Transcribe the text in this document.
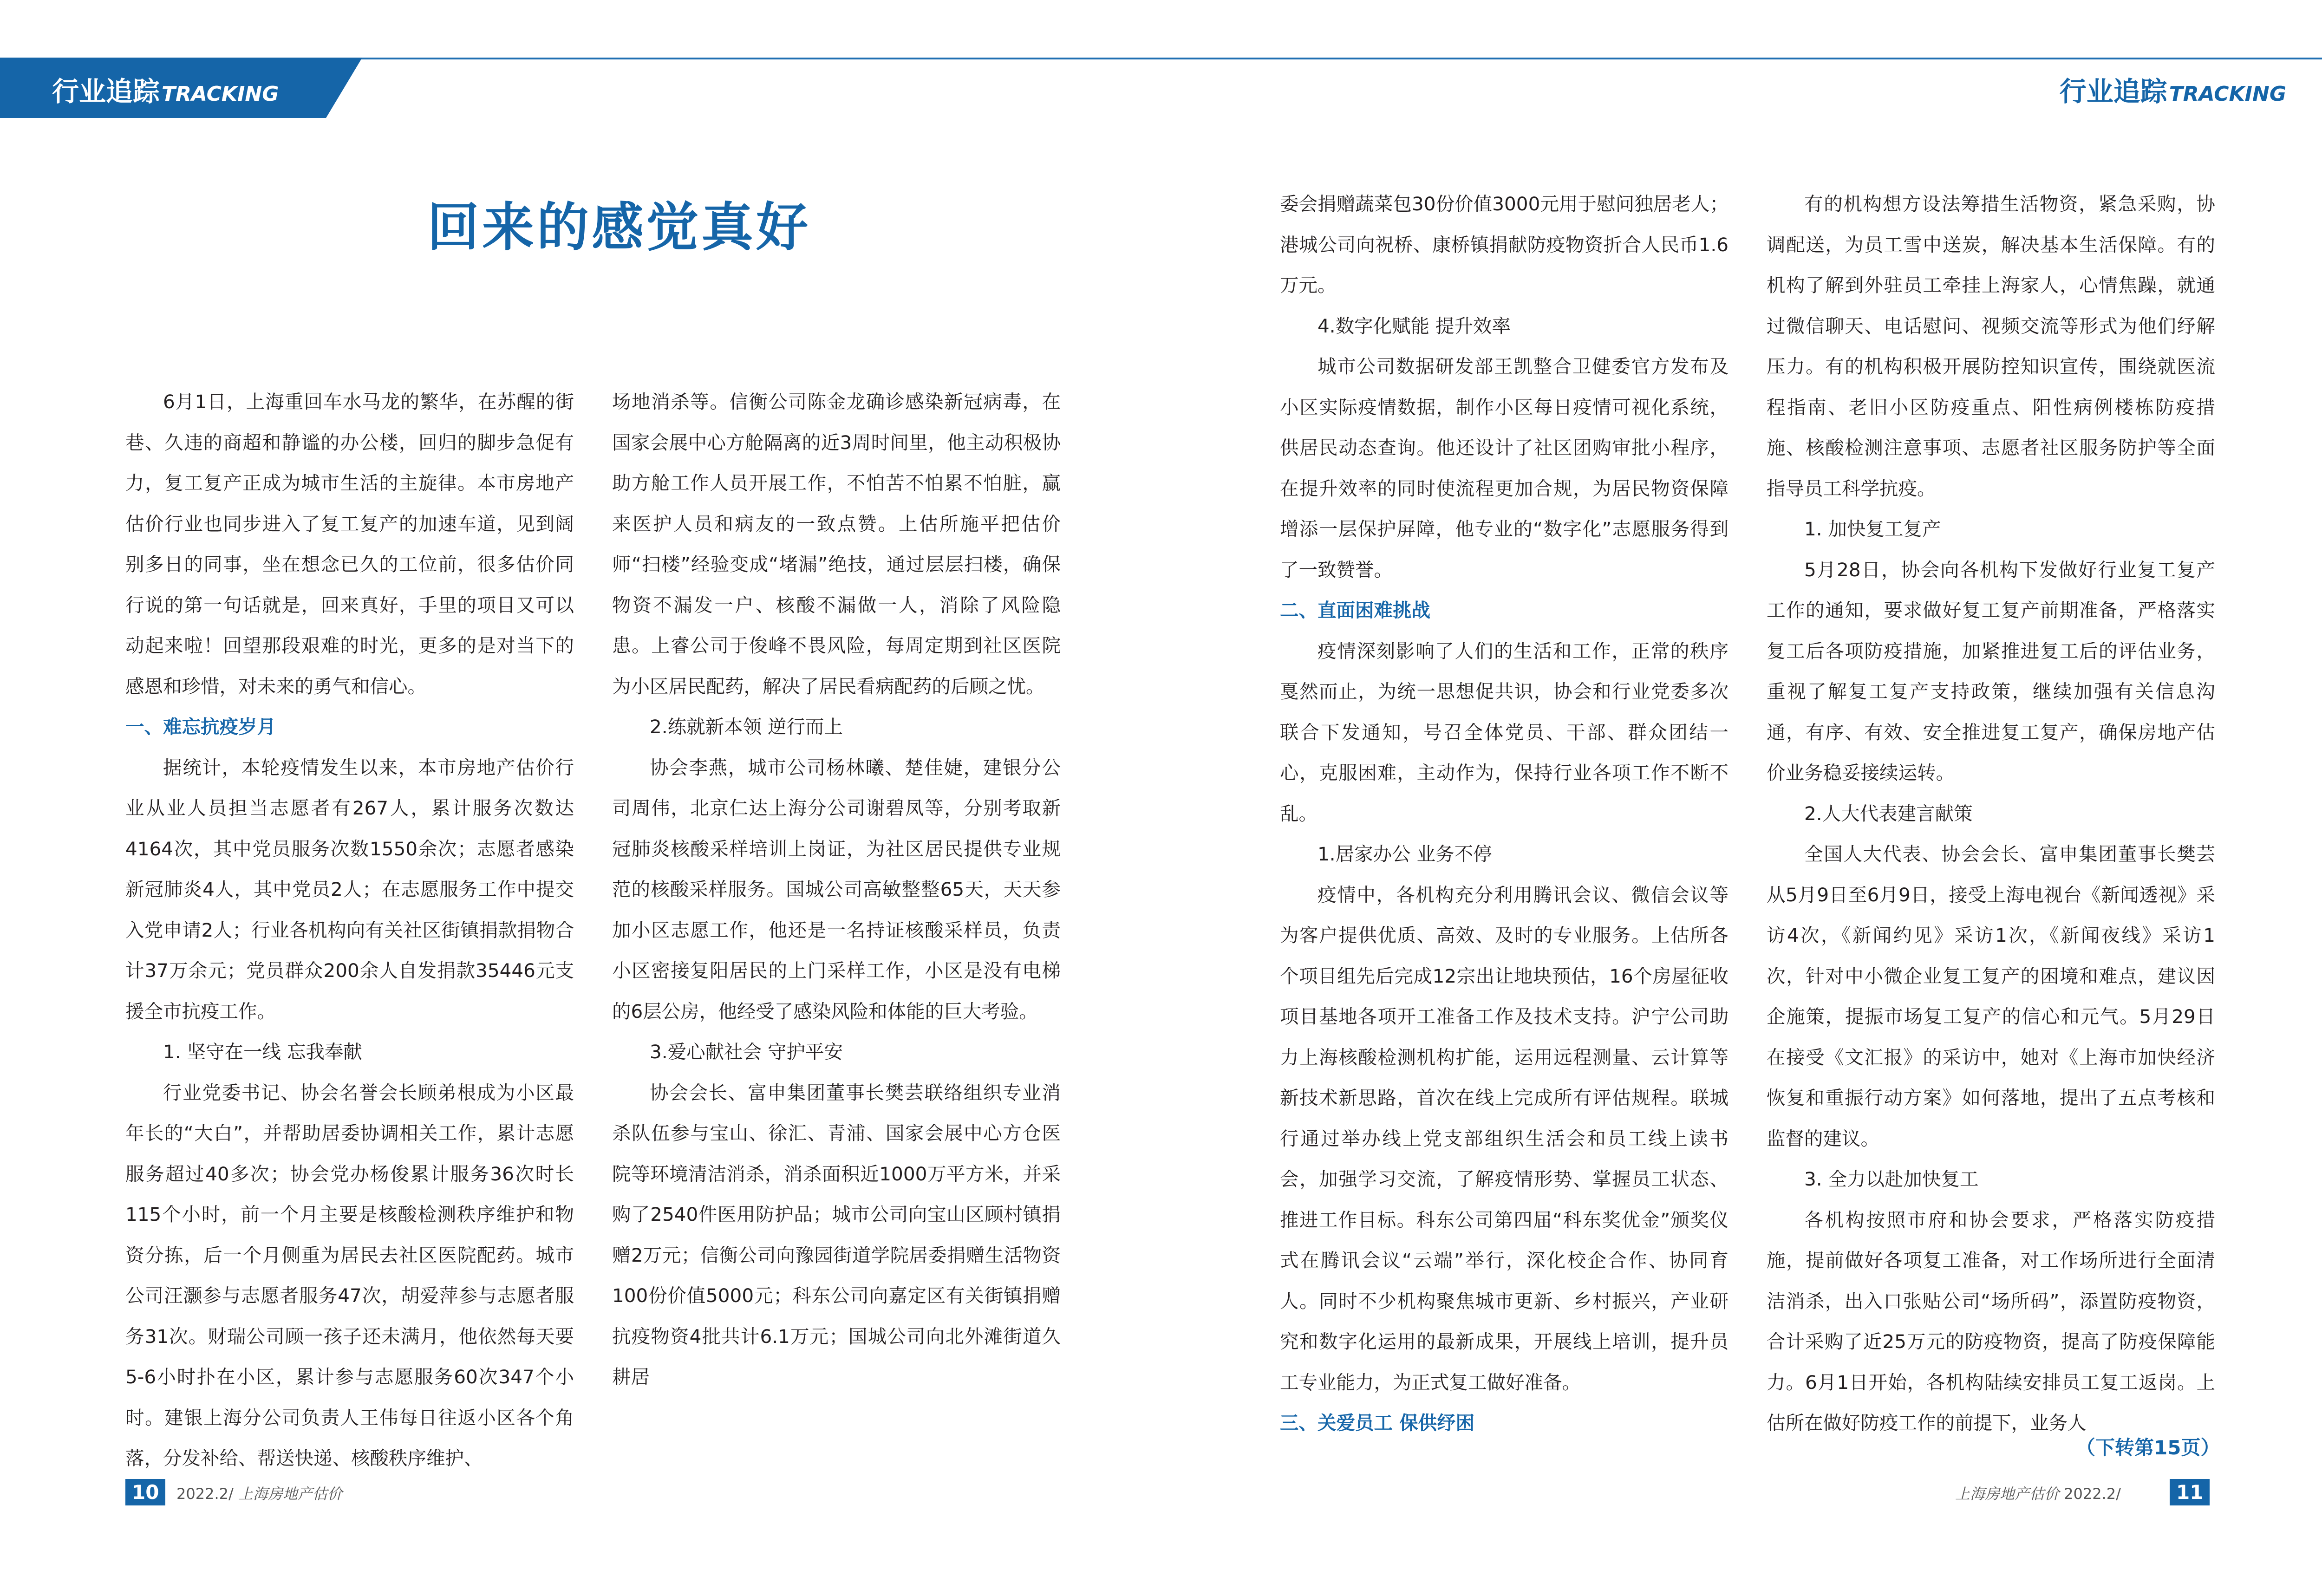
行业追踪TRACKING	行业追踪TRACKING
回来的感觉真好

6月1日，上海重回车水马龙的繁华，在苏醒的街巷、久违的商超和静谧的办公楼，回归的脚步急促有力，复工复产正成为城市生活的主旋律。本市房地产估价行业也同步进入了复工复产的加速车道，见到阔别多日的同事，坐在想念已久的工位前，很多估价同行说的第一句话就是，回来真好，手里的项目又可以动起来啦！回望那段艰难的时光，更多的是对当下的感恩和珍惜，对未来的勇气和信心。

一、难忘抗疫岁月

据统计，本轮疫情发生以来，本市房地产估价行业从业人员担当志愿者有267人，累计服务次数达4164次，其中党员服务次数1550余次；志愿者感染新冠肺炎4人，其中党员2人；在志愿服务工作中提交入党申请2人；行业各机构向有关社区街镇捐款捐物合计37万余元；党员群众200余人自发捐款35446元支援全市抗疫工作。

1. 坚守在一线 忘我奉献

行业党委书记、协会名誉会长顾弟根成为小区最年长的“大白”，并帮助居委协调相关工作，累计志愿服务超过40多次；协会党办杨俊累计服务36次时长115个小时，前一个月主要是核酸检测秩序维护和物资分拣，后一个月侧重为居民去社区医院配药。城市公司汪灏参与志愿者服务47次，胡爱萍参与志愿者服务31次。财瑞公司顾一孩子还未满月，他依然每天要5-6小时扑在小区，累计参与志愿服务60次347个小时。建银上海分公司负责人王伟每日往返小区各个角落，分发补给、帮送快递、核酸秩序维护、

场地消杀等。信衡公司陈金龙确诊感染新冠病毒，在国家会展中心方舱隔离的近3周时间里，他主动积极协助方舱工作人员开展工作，不怕苦不怕累不怕脏，赢来医护人员和病友的一致点赞。上估所施平把估价师“扫楼”经验变成“堵漏”绝技，通过层层扫楼，确保物资不漏发一户、核酸不漏做一人，消除了风险隐患。上睿公司于俊峰不畏风险，每周定期到社区医院为小区居民配药，解决了居民看病配药的后顾之忧。

2.练就新本领 逆行而上

协会李燕，城市公司杨林曦、楚佳婕，建银分公司周伟，北京仁达上海分公司谢碧凤等，分别考取新冠肺炎核酸采样培训上岗证，为社区居民提供专业规范的核酸采样服务。国城公司高敏整整65天，天天参加小区志愿工作，他还是一名持证核酸采样员，负责小区密接复阳居民的上门采样工作，小区是没有电梯的6层公房，他经受了感染风险和体能的巨大考验。

3.爱心献社会 守护平安

协会会长、富申集团董事长樊芸联络组织专业消杀队伍参与宝山、徐汇、青浦、国家会展中心方仓医院等环境清洁消杀，消杀面积近1000万平方米，并采购了2540件医用防护品；城市公司向宝山区顾村镇捐赠2万元；信衡公司向豫园街道学院居委捐赠生活物资100份价值5000元；科东公司向嘉定区有关街镇捐赠抗疫物资4批共计6.1万元；国城公司向北外滩街道久耕居

委会捐赠蔬菜包30份价值3000元用于慰问独居老人；港城公司向祝桥、康桥镇捐献防疫物资折合人民币1.6万元。

4.数字化赋能 提升效率

城市公司数据研发部王凯整合卫健委官方发布及小区实际疫情数据，制作小区每日疫情可视化系统，供居民动态查询。他还设计了社区团购审批小程序，在提升效率的同时使流程更加合规，为居民物资保障增添一层保护屏障，他专业的“数字化”志愿服务得到了一致赞誉。

二、直面困难挑战

疫情深刻影响了人们的生活和工作，正常的秩序戛然而止，为统一思想促共识，协会和行业党委多次联合下发通知，号召全体党员、干部、群众团结一心，克服困难，主动作为，保持行业各项工作不断不乱。

1.居家办公 业务不停

疫情中，各机构充分利用腾讯会议、微信会议等为客户提供优质、高效、及时的专业服务。上估所各个项目组先后完成12宗出让地块预估，16个房屋征收项目基地各项开工准备工作及技术支持。沪宁公司助力上海核酸检测机构扩能，运用远程测量、云计算等新技术新思路，首次在线上完成所有评估规程。联城行通过举办线上党支部组织生活会和员工线上读书会，加强学习交流，了解疫情形势、掌握员工状态、推进工作目标。科东公司第四届“科东奖优金”颁奖仪式在腾讯会议“云端”举行，深化校企合作、协同育人。同时不少机构聚焦城市更新、乡村振兴，产业研究和数字化运用的最新成果，开展线上培训，提升员工专业能力，为正式复工做好准备。

三、关爱员工 保供纾困

有的机构想方设法筹措生活物资，紧急采购，协调配送，为员工雪中送炭，解决基本生活保障。有的机构了解到外驻员工牵挂上海家人，心情焦躁，就通过微信聊天、电话慰问、视频交流等形式为他们纾解压力。有的机构积极开展防控知识宣传，围绕就医流程指南、老旧小区防疫重点、阳性病例楼栋防疫措施、核酸检测注意事项、志愿者社区服务防护等全面指导员工科学抗疫。

1. 加快复工复产

5月28日，协会向各机构下发做好行业复工复产工作的通知，要求做好复工复产前期准备，严格落实复工后各项防疫措施，加紧推进复工后的评估业务，重视了解复工复产支持政策，继续加强有关信息沟通，有序、有效、安全推进复工复产，确保房地产估价业务稳妥接续运转。

2.人大代表建言献策

全国人大代表、协会会长、富申集团董事长樊芸从5月9日至6月9日，接受上海电视台《新闻透视》采访4次，《新闻约见》采访1次，《新闻夜线》采访1次，针对中小微企业复工复产的困境和难点，建议因企施策，提振市场复工复产的信心和元气。5月29日在接受《文汇报》的采访中，她对《上海市加快经济恢复和重振行动方案》如何落地，提出了五点考核和监督的建议。

3. 全力以赴加快复工

各机构按照市府和协会要求，严格落实防疫措施，提前做好各项复工准备，对工作场所进行全面清洁消杀，出入口张贴公司“场所码”，添置防疫物资，合计采购了近25万元的防疫物资，提高了防疫保障能力。6月1日开始，各机构陆续安排员工复工返岗。上估所在做好防疫工作的前提下，业务人

（下转第15页）
10	2022.2/ 上海房地产估价	上海房地产估价 2022.2/	11
